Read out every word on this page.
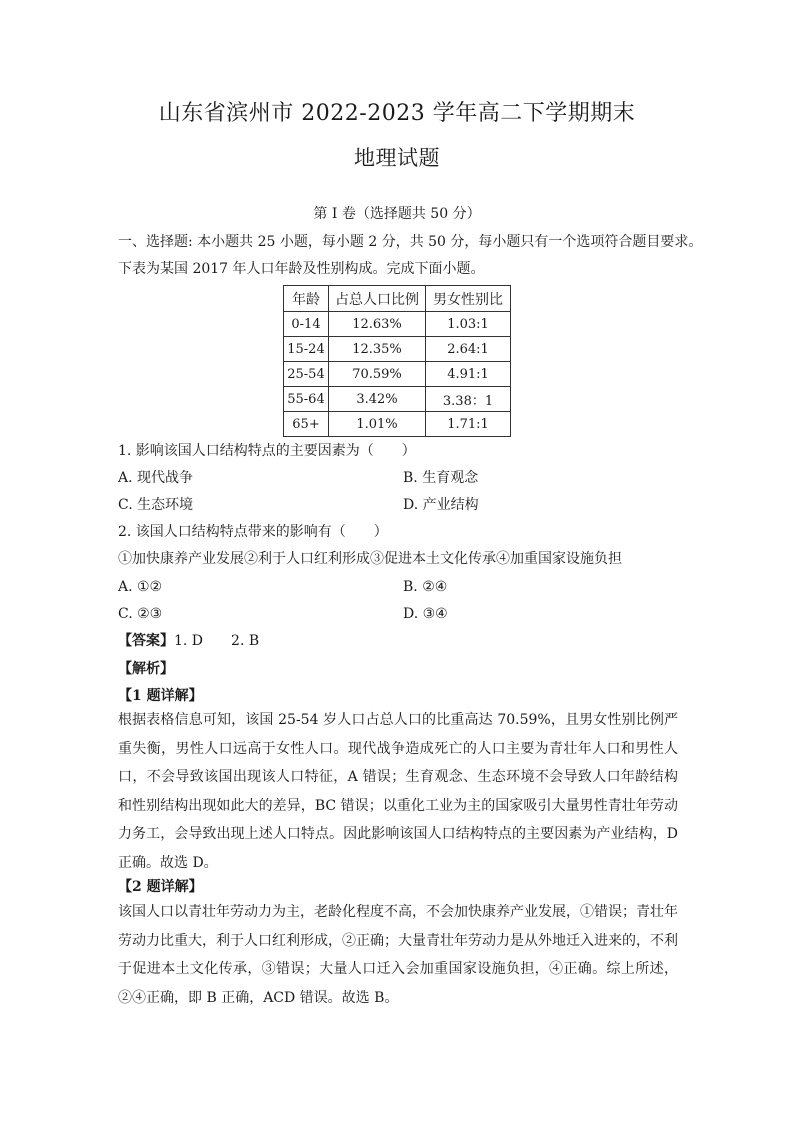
山东省滨州市 2022-2023 学年高二下学期期末
地理试题
第 I 卷（选择题共 50 分）
一、选择题: 本小题共 25 小题，每小题 2 分，共 50 分，每小题只有一个选项符合题目要求。
下表为某国 2017 年人口年龄及性别构成。完成下面小题。
年龄	占总人口比例	男女性别比
0-14	12.63%	1.03:1
15-24	12.35%	2.64:1
25-54	70.59%	4.91:1
55-64	3.42%	3.38：1
65+	1.01%	1.71:1
1. 影响该国人口结构特点的主要因素为（　　）
A. 现代战争	B. 生育观念
C. 生态环境	D. 产业结构
2. 该国人口结构特点带来的影响有（　　）
①加快康养产业发展②利于人口红利形成③促进本土文化传承④加重国家设施负担
A. ①②	B. ②④
C. ②③	D. ③④
【答案】1. D　　2. B
【解析】
【1 题详解】
根据表格信息可知，该国 25-54 岁人口占总人口的比重高达 70.59%，且男女性别比例严重失衡，男性人口远高于女性人口。现代战争造成死亡的人口主要为青壮年人口和男性人口，不会导致该国出现该人口特征，A 错误；生育观念、生态环境不会导致人口年龄结构和性别结构出现如此大的差异，BC 错误；以重化工业为主的国家吸引大量男性青壮年劳动力务工，会导致出现上述人口特点。因此影响该国人口结构特点的主要因素为产业结构，D 正确。故选 D。
【2 题详解】
该国人口以青壮年劳动力为主，老龄化程度不高，不会加快康养产业发展，①错误；青壮年劳动力比重大，利于人口红利形成，②正确；大量青壮年劳动力是从外地迁入进来的，不利于促进本土文化传承，③错误；大量人口迁入会加重国家设施负担，④正确。综上所述，②④正确，即 B 正确，ACD 错误。故选 B。
